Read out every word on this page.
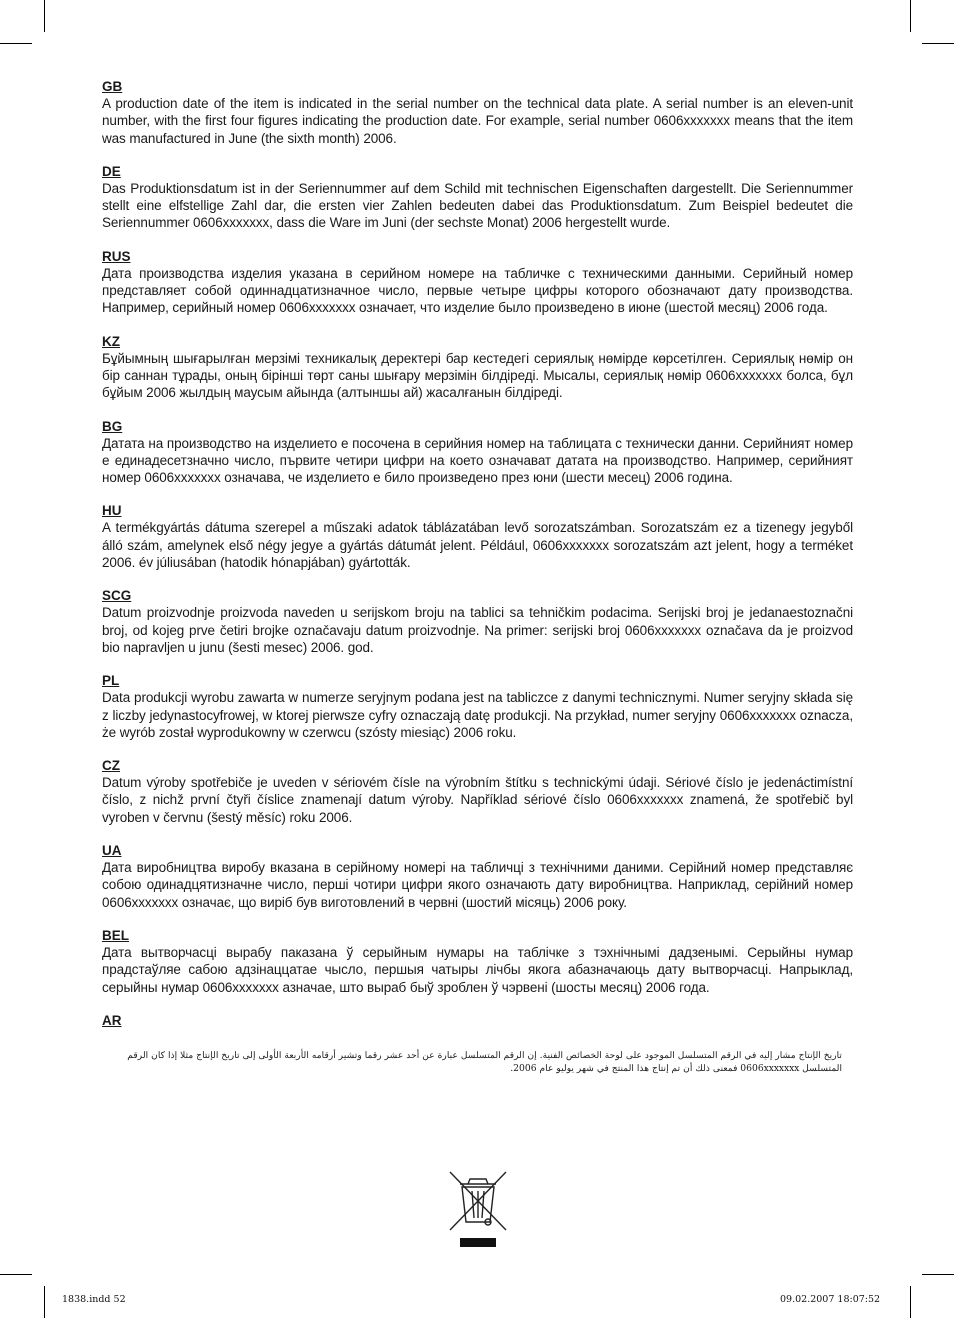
GB

A production date of the item is indicated in the serial number on the technical data plate. A serial number is an eleven-unit number, with the first four figures indicating the production date. For example, serial number 0606xxxxxxx means that the item was manufactured in June (the sixth month) 2006.

DE

Das Produktionsdatum ist in der Seriennummer auf dem Schild mit technischen Eigenschaften dargestellt. Die Seriennummer stellt eine elfstellige Zahl dar, die ersten vier Zahlen bedeuten dabei das Produktionsdatum. Zum Beispiel bedeutet die Seriennummer 0606xxxxxxx, dass die Ware im Juni (der sechste Monat) 2006 hergestellt wurde.

RUS

Дата производства изделия указана в серийном номере на табличке с техническими данными. Серийный номер представляет собой одиннадцатизначное число, первые четыре цифры которого обозначают дату производства. Например, серийный номер 0606xxxxxxx означает, что изделие было произведено в июне (шестой месяц) 2006 года.

KZ

Бұйымның шығарылған мерзімі техникалық деректері бар кестедегі сериялық нөмірде көрсетілген. Сериялық нөмір он бір саннан тұрады, оның бірінші төрт саны шығару мерзімін білдіреді. Мысалы, сериялық нөмір 0606xxxxxxx болса, бұл бұйым 2006 жылдың маусым айында (алтыншы ай) жасалғанын білдіреді.

BG

Датата на производство на изделието е посочена в серийния номер на таблицата с технически данни. Серийният номер е единадесетзначно число, първите четири цифри на което означават датата на производство. Например, серийният номер 0606xxxxxxx означава, че изделието е било произведено през юни (шести месец) 2006 година.

HU

A termékgyártás dátuma szerepel a műszaki adatok táblázatában levő sorozatszámban. Sorozatszám ez a tizenegy jegyből álló szám, amelynek első négy jegye a gyártás dátumát jelent. Például, 0606xxxxxxx sorozatszám azt jelent, hogy a terméket 2006. év júliusában (hatodik hónapjában) gyártották.

SCG

Datum proizvodnje proizvoda naveden u serijskom broju na tablici sa tehničkim podacima. Serijski broj je jedanaestoznačni broj, od kojeg prve četiri brojke označavaju datum proizvodnje. Na primer: serijski broj 0606xxxxxxx označava da je proizvod bio napravljen u junu (šesti mesec) 2006. god.

PL

Data produkcji wyrobu zawarta w numerze seryjnym podana jest na tabliczce z danymi technicznymi. Numer seryjny składa się z liczby jedynastocyfrowej, w ktorej pierwsze cyfry oznaczają datę produkcji. Na przykład, numer seryjny 0606xxxxxxx oznacza, że wyrób został wyprodukowny w czerwcu (szósty miesiąc) 2006 roku.

CZ

Datum výroby spotřebiče je uveden v sériovém čísle na výrobním štítku s technickými údaji. Sériové číslo je jedenáctimístní číslo, z nichž první čtyři číslice znamenají datum výroby. Například sériové číslo 0606xxxxxxx znamená, že spotřebič byl vyroben v červnu (šestý měsíc) roku 2006.

UA

Дата виробництва виробу вказана в серійному номері на табличці з технічними даними. Серійний номер представляє собою одинадцятизначне число, перші чотири цифри якого означають дату виробництва. Наприклад, серійний номер 0606xxxxxxx означає, що виріб був виготовлений в червні (шостий місяць) 2006 року.

BEL

Дата вытворчасці вырабу паказана ў серыйным нумары на таблічке з тэхнічнымі дадзенымі. Серыйны нумар прадстаўляе сабою адзінаццатае чысло, першыя чатыры лічбы якога абазначаюць дату вытворчасці. Напрыклад, серыйны нумар 0606xxxxxxx азначае, што выраб быў зроблен ў чэрвені (шосты месяц) 2006 года.

AR

تاريخ الإنتاج مشار إليه في الرقم المتسلسل الموجود على لوحة الخصائص الفنية. إن الرقم المتسلسل عبارة عن أحد عشر رقما وتشير أرقامه الأربعة الأولى إلى تاريخ الإنتاج مثلا إذا كان الرقم المتسلسل 0606xxxxxxx فمعنى ذلك أن تم إنتاج هذا المنتج في شهر يوليو عام 2006.

1838.indd 52	09.02.2007 18:07:52
